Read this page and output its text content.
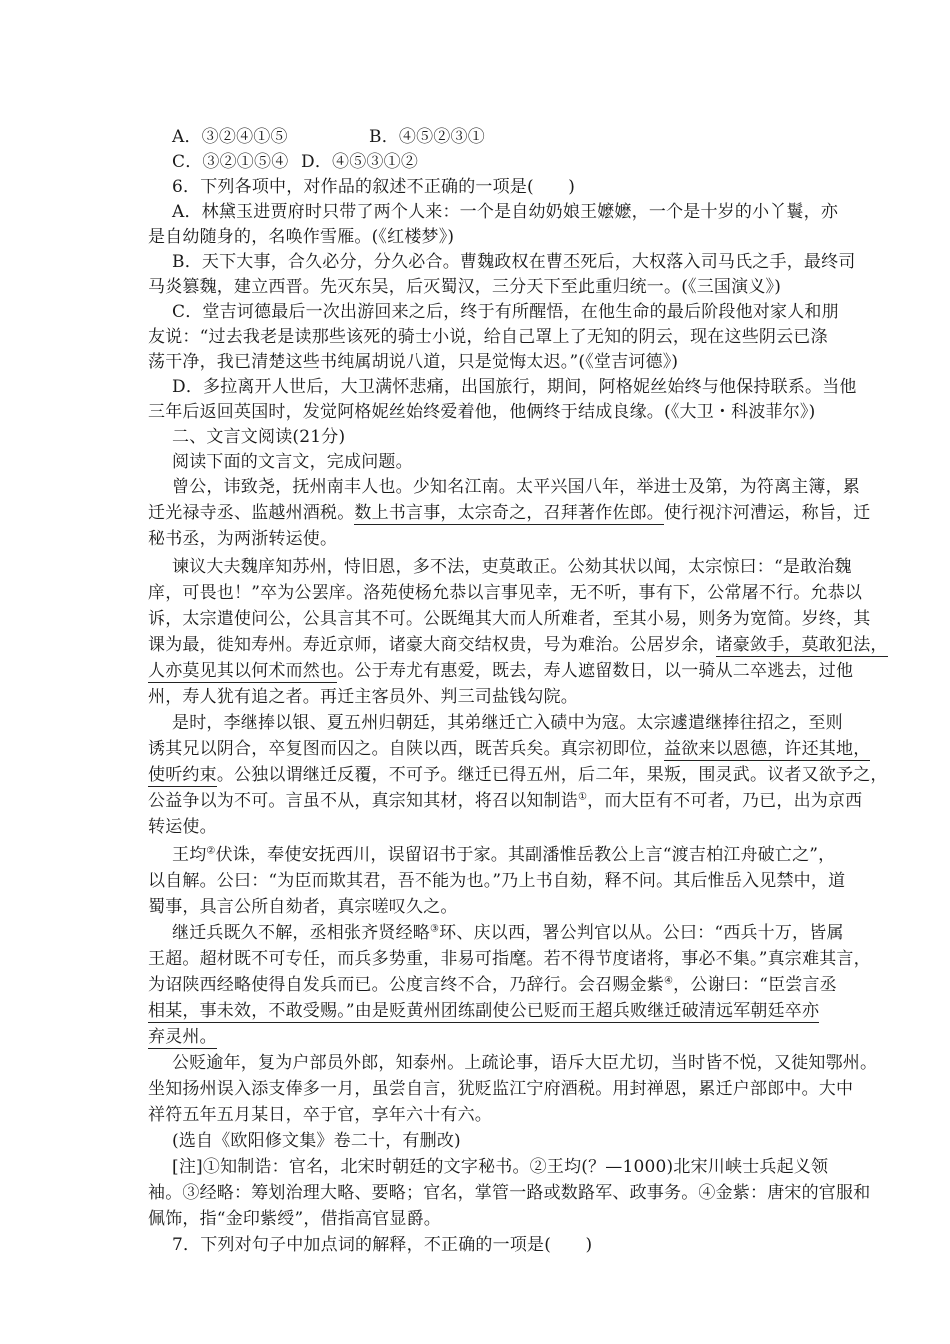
A．③②④①⑤	B．④⑤②③①
C．③②①⑤④ D．④⑤③①②
6．下列各项中，对作品的叙述不正确的一项是(　　)
A．林黛玉进贾府时只带了两个人来：一个是自幼奶娘王嬷嬷，一个是十岁的小丫鬟，亦
是自幼随身的，名唤作雪雁。(《红楼梦》)
B．天下大事，合久必分，分久必合。曹魏政权在曹丕死后，大权落入司马氏之手，最终司
马炎篡魏，建立西晋。先灭东吴，后灭蜀汉，三分天下至此重归统一。(《三国演义》)
C．堂吉诃德最后一次出游回来之后，终于有所醒悟，在他生命的最后阶段他对家人和朋
友说：“过去我老是读那些该死的骑士小说，给自己罩上了无知的阴云，现在这些阴云已涤
荡干净，我已清楚这些书纯属胡说八道，只是觉悔太迟。”(《堂吉诃德》)
D．多拉离开人世后，大卫满怀悲痛，出国旅行，期间，阿格妮丝始终与他保持联系。当他
三年后返回英国时，发觉阿格妮丝始终爱着他，他俩终于结成良缘。(《大卫・科波菲尔》)
二、文言文阅读(21分)
阅读下面的文言文，完成问题。
曾公，讳致尧，抚州南丰人也。少知名江南。太平兴国八年，举进士及第，为符离主簿，累
迁光禄寺丞、监越州酒税。数上书言事，太宗奇之，召拜著作佐郎。使行视汴河漕运，称旨，迁
秘书丞，为两浙转运使。
谏议大夫魏庠知苏州，恃旧恩，多不法，吏莫敢正。公劾其状以闻，太宗惊曰：“是敢治魏
庠，可畏也！”卒为公罢庠。洛苑使杨允恭以言事见幸，无不听，事有下，公常屠不行。允恭以
诉，太宗遣使问公，公具言其不可。公既绳其大而人所难者，至其小易，则务为宽简。岁终，其
课为最，徙知寿州。寿近京师，诸豪大商交结权贵，号为难治。公居岁余，诸豪敛手，莫敢犯法，
人亦莫见其以何术而然也。公于寿尤有惠爱，既去，寿人遮留数日，以一骑从二卒逃去，过他
州，寿人犹有追之者。再迁主客员外、判三司盐钱勾院。
是时，李继捧以银、夏五州归朝廷，其弟继迁亡入碛中为寇。太宗遽遣继捧往招之，至则
诱其兄以阴合，卒复图而囚之。自陕以西，既苦兵矣。真宗初即位，益欲来以恩德，许还其地，
使听约束。公独以谓继迁反覆，不可予。继迁已得五州，后二年，果叛，围灵武。议者又欲予之，
公益争以为不可。言虽不从，真宗知其材，将召以知制诰①，而大臣有不可者，乃已，出为京西
转运使。
王均②伏诛，奉使安抚西川，误留诏书于家。其副潘惟岳教公上言“渡吉柏江舟破亡之”，
以自解。公曰：“为臣而欺其君，吾不能为也。”乃上书自劾，释不问。其后惟岳入见禁中，道
蜀事，具言公所自劾者，真宗嗟叹久之。
继迁兵既久不解，丞相张齐贤经略③环、庆以西，署公判官以从。公曰：“西兵十万，皆属
王超。超材既不可专任，而兵多势重，非易可指麾。若不得节度诸将，事必不集。”真宗难其言，
为诏陕西经略使得自发兵而已。公度言终不合，乃辞行。会召赐金紫④，公谢曰：“臣尝言丞
相某，事未效，不敢受赐。”由是贬黄州团练副使公已贬而王超兵败继迁破清远军朝廷卒亦
弃灵州。
公贬逾年，复为户部员外郎，知泰州。上疏论事，语斥大臣尤切，当时皆不悦，又徙知鄂州。
坐知扬州误入添支俸多一月，虽尝自言，犹贬监江宁府酒税。用封禅恩，累迁户部郎中。大中
祥符五年五月某日，卒于官，享年六十有六。
(选自《欧阳修文集》卷二十，有删改)
[注]①知制诰：官名，北宋时朝廷的文字秘书。②王均(？—1000)北宋川峡士兵起义领
袖。③经略：筹划治理大略、要略；官名，掌管一路或数路军、政事务。④金紫：唐宋的官服和
佩饰，指“金印紫绶”，借指高官显爵。
7．下列对句子中加点词的解释，不正确的一项是(　　)
